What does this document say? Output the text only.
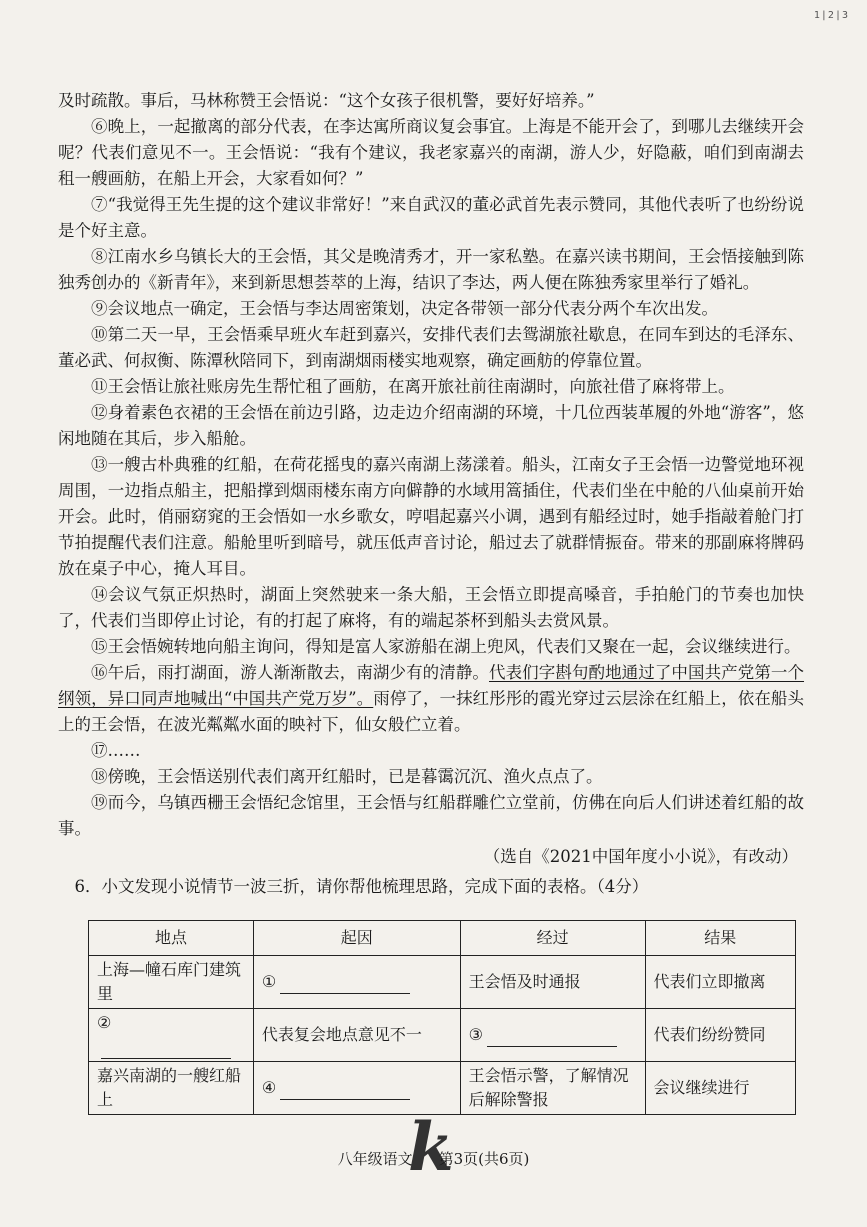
1|2|3

及时疏散。事后，马林称赞王会悟说：“这个女孩子很机警，要好好培养。”

⑥晚上，一起撤离的部分代表，在李达寓所商议复会事宜。上海是不能开会了，到哪儿去继续开会呢？代表们意见不一。王会悟说：“我有个建议，我老家嘉兴的南湖，游人少，好隐蔽，咱们到南湖去租一艘画舫，在船上开会，大家看如何？”

⑦“我觉得王先生提的这个建议非常好！”来自武汉的董必武首先表示赞同，其他代表听了也纷纷说是个好主意。

⑧江南水乡乌镇长大的王会悟，其父是晚清秀才，开一家私塾。在嘉兴读书期间，王会悟接触到陈独秀创办的《新青年》，来到新思想荟萃的上海，结识了李达，两人便在陈独秀家里举行了婚礼。

⑨会议地点一确定，王会悟与李达周密策划，决定各带领一部分代表分两个车次出发。

⑩第二天一早，王会悟乘早班火车赶到嘉兴，安排代表们去鸳湖旅社歇息，在同车到达的毛泽东、董必武、何叔衡、陈潭秋陪同下，到南湖烟雨楼实地观察，确定画舫的停靠位置。

⑪王会悟让旅社账房先生帮忙租了画舫，在离开旅社前往南湖时，向旅社借了麻将带上。

⑫身着素色衣裙的王会悟在前边引路，边走边介绍南湖的环境，十几位西装革履的外地“游客”，悠闲地随在其后，步入船舱。

⑬一艘古朴典雅的红船，在荷花摇曳的嘉兴南湖上荡漾着。船头，江南女子王会悟一边警觉地环视周围，一边指点船主，把船撑到烟雨楼东南方向僻静的水域用篙插住，代表们坐在中舱的八仙桌前开始开会。此时，俏丽窈窕的王会悟如一水乡歌女，哼唱起嘉兴小调，遇到有船经过时，她手指敲着舱门打节拍提醒代表们注意。船舱里听到暗号，就压低声音讨论，船过去了就群情振奋。带来的那副麻将牌码放在桌子中心，掩人耳目。

⑭会议气氛正炽热时，湖面上突然驶来一条大船，王会悟立即提高嗓音，手拍舱门的节奏也加快了，代表们当即停止讨论，有的打起了麻将，有的端起茶杯到船头去赏风景。

⑮王会悟婉转地向船主询问，得知是富人家游船在湖上兜风，代表们又聚在一起，会议继续进行。

⑯午后，雨打湖面，游人渐渐散去，南湖少有的清静。代表们字斟句酌地通过了中国共产党第一个纲领，异口同声地喊出“中国共产党万岁”。雨停了，一抹红彤彤的霞光穿过云层涂在红船上，依在船头上的王会悟，在波光粼粼水面的映衬下，仙女般伫立着。

⑰……

⑱傍晚，王会悟送别代表们离开红船时，已是暮霭沉沉、渔火点点了。

⑲而今，乌镇西栅王会悟纪念馆里，王会悟与红船群雕伫立堂前，仿佛在向后人们讲述着红船的故事。

（选自《2021中国年度小小说》，有改动）
6．小文发现小说情节一波三折，请你帮他梳理思路，完成下面的表格。（4分）
地点	起因	经过	结果
上海—幢石库门建筑里	①	王会悟及时通报	代表们立即撤离
②	代表复会地点意见不一	③	代表们纷纷赞同
嘉兴南湖的一艘红船上	④	王会悟示警，了解情况后解除警报	会议继续进行
k
八年级语文 第3页(共6页)
